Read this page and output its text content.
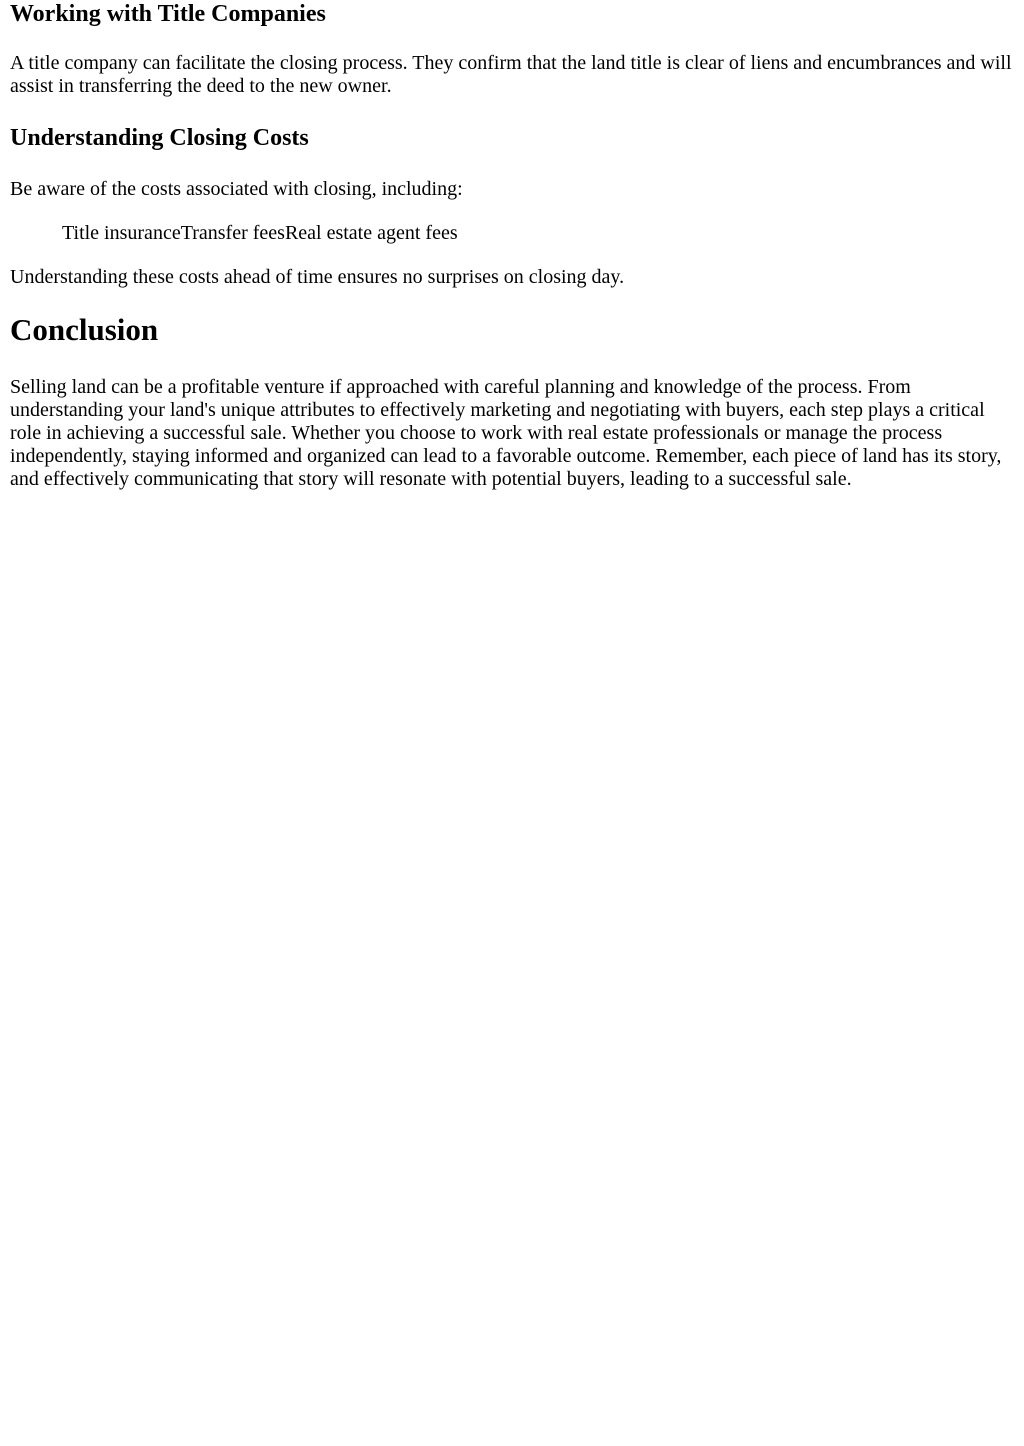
Working with Title Companies

A title company can facilitate the closing process. They confirm that the land title is clear of liens and encumbrances and will assist in transferring the deed to the new owner.

Understanding Closing Costs

Be aware of the costs associated with closing, including:

Title insuranceTransfer feesReal estate agent fees

Understanding these costs ahead of time ensures no surprises on closing day.

Conclusion

Selling land can be a profitable venture if approached with careful planning and knowledge of the process. From understanding your land's unique attributes to effectively marketing and negotiating with buyers, each step plays a critical role in achieving a successful sale. Whether you choose to work with real estate professionals or manage the process independently, staying informed and organized can lead to a favorable outcome. Remember, each piece of land has its story, and effectively communicating that story will resonate with potential buyers, leading to a successful sale.
